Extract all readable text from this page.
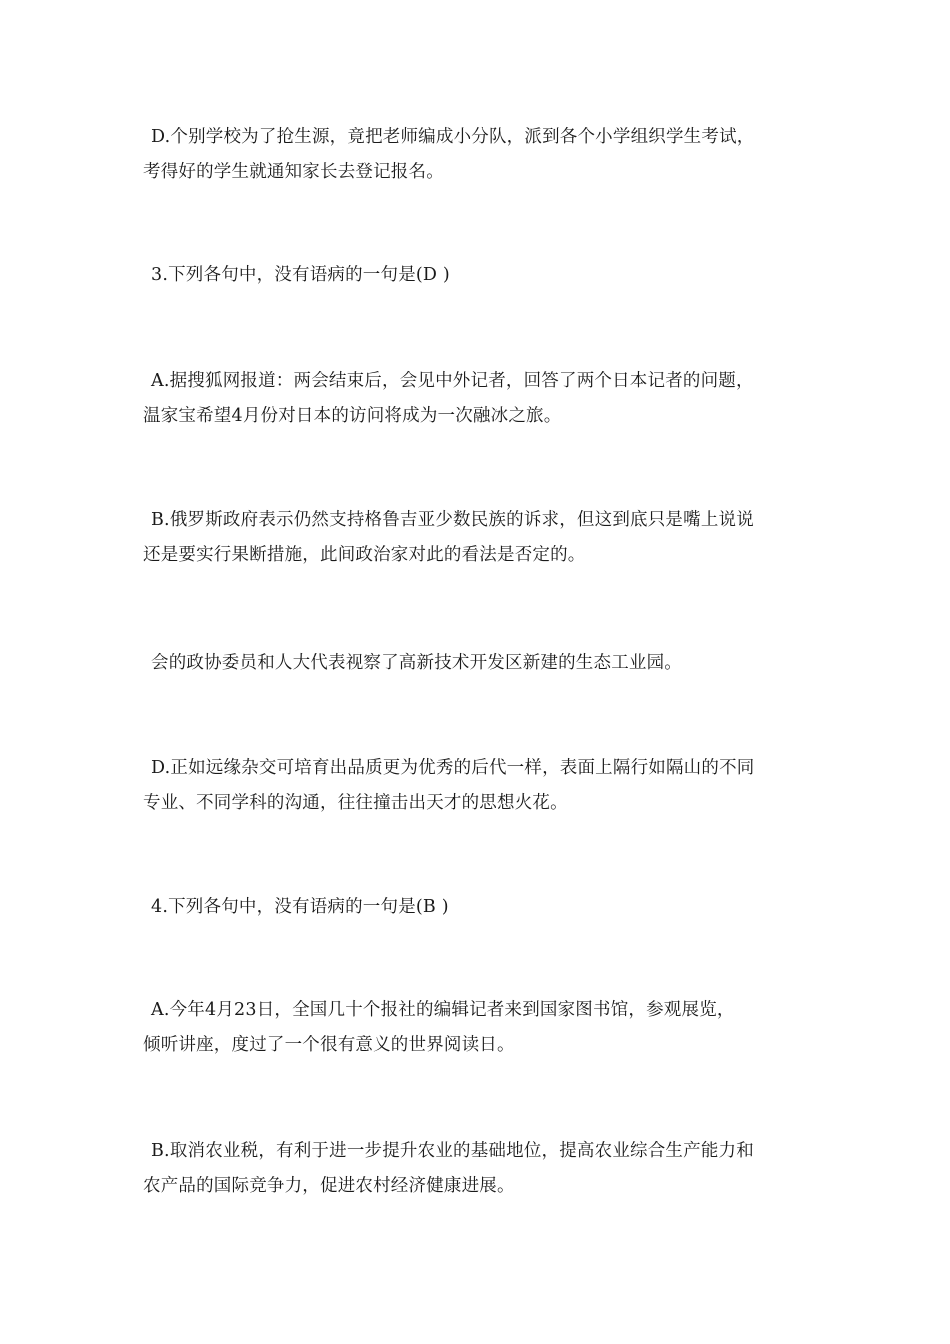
D.个别学校为了抢生源，竟把老师编成小分队，派到各个小学组织学生考试，
考得好的学生就通知家长去登记报名。

3.下列各句中，没有语病的一句是(D )

A.据搜狐网报道：两会结束后，会见中外记者，回答了两个日本记者的问题，
温家宝希望4月份对日本的访问将成为一次融冰之旅。

B.俄罗斯政府表示仍然支持格鲁吉亚少数民族的诉求，但这到底只是嘴上说说
还是要实行果断措施，此间政治家对此的看法是否定的。

会的政协委员和人大代表视察了高新技术开发区新建的生态工业园。

D.正如远缘杂交可培育出品质更为优秀的后代一样，表面上隔行如隔山的不同
专业、不同学科的沟通，往往撞击出天才的思想火花。

4.下列各句中，没有语病的一句是(B )

A.今年4月23日，全国几十个报社的编辑记者来到国家图书馆，参观展览，
倾听讲座，度过了一个很有意义的世界阅读日。

B.取消农业税，有利于进一步提升农业的基础地位，提高农业综合生产能力和
农产品的国际竞争力，促进农村经济健康进展。
